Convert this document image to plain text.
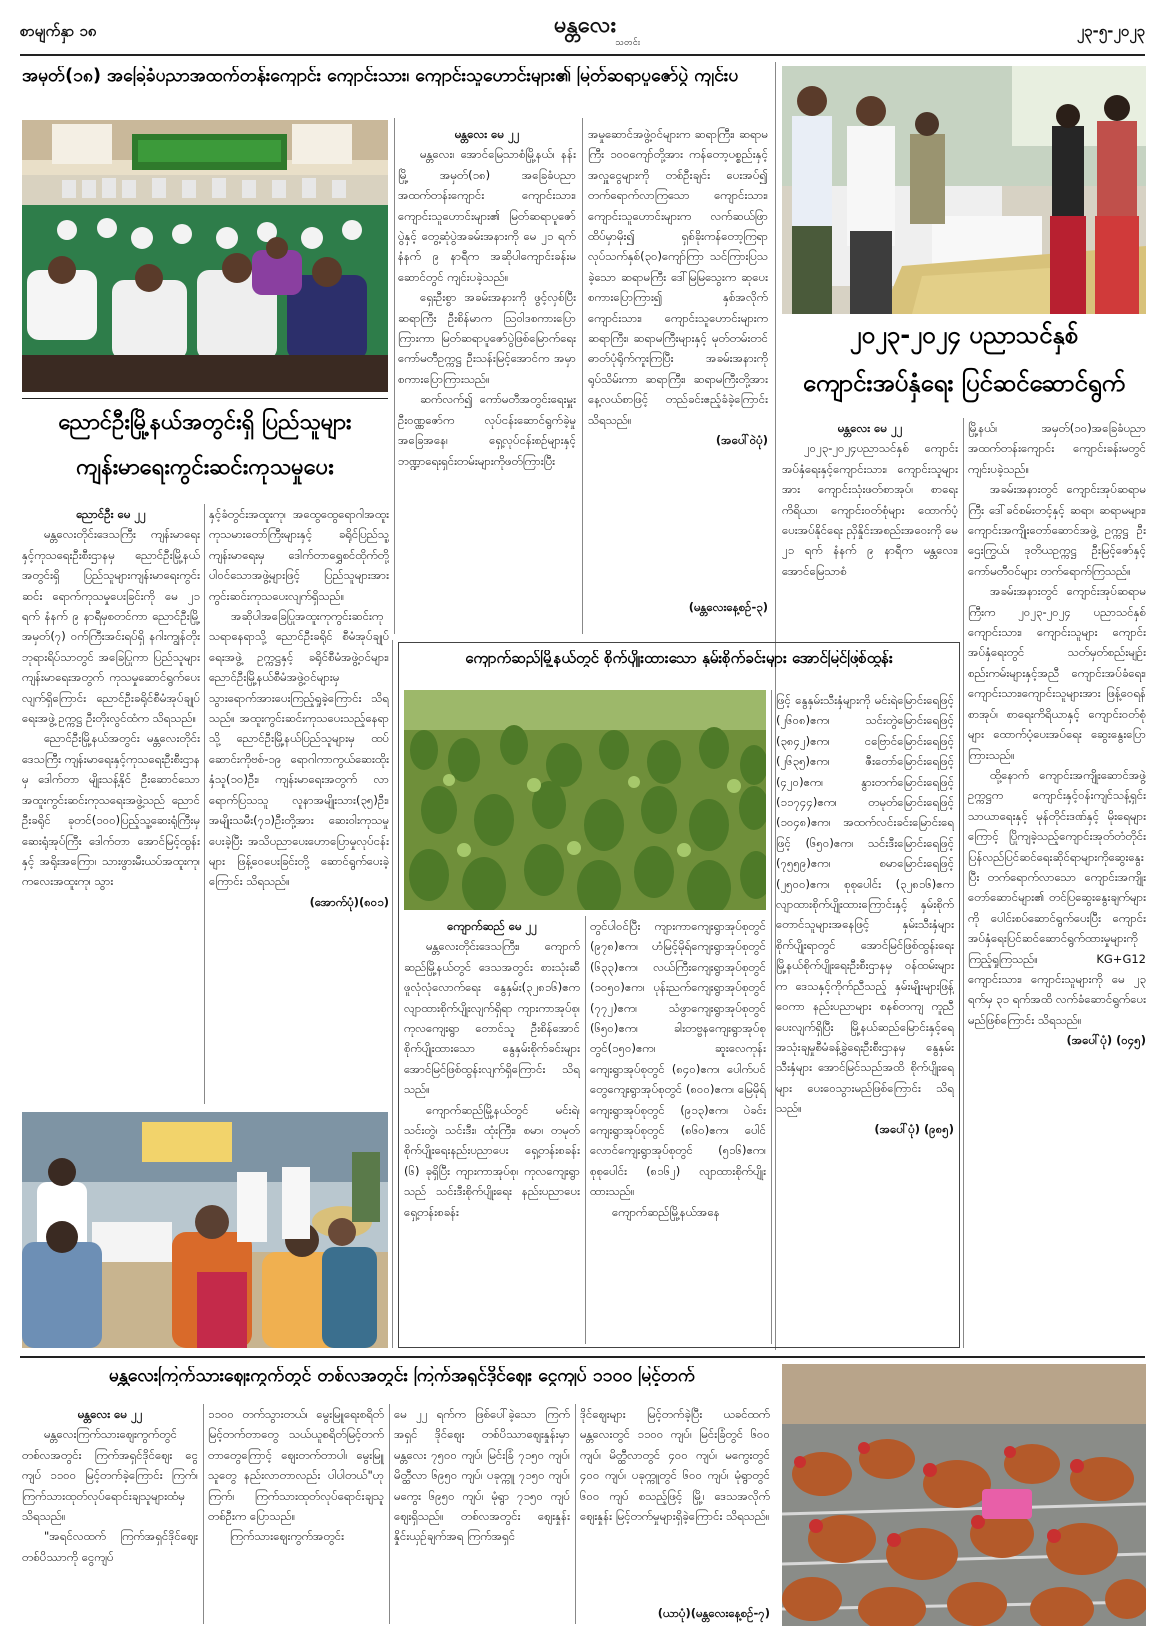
စာမျက်နှာ ၁၈	မန္တလေး
သတင်း
၂၃-၅-၂၀၂၃
အမှတ်(၁၈) အခြေခံပညာအထက်တန်းကျောင်း ကျောင်းသား၊ ကျောင်းသူဟောင်းများ၏ မြတ်ဆရာပူဇော်ပွဲ ကျင်းပ
မန္တလေး မေ ၂၂

မန္တလေး၊ အောင်မြေသာစံမြို့နယ်၊ နန်းမြို့ အမှတ်(၁၈) အခြေခံပညာအထက်တန်းကျောင်း ကျောင်းသား၊ ကျောင်းသူဟောင်းများ၏ မြတ်ဆရာပူဇော်ပွဲနှင့် တွေ့ဆုံပွဲအခမ်းအနားကို မေ ၂၁ ရက် နံနက် ၉ နာရီက အဆိုပါကျောင်းခန်းမဆောင်တွင် ကျင်းပခဲ့သည်။

ရှေးဦးစွာ အခမ်းအနားကို ဖွင့်လှစ်ပြီး ဆရာကြီး ဦးစိန်မာက သြဝါဒစကားပြောကြားကာ မြတ်ဆရာပူဇော်ပွဲဖြစ်မြောက်ရေး ကော်မတီဥက္ကဋ္ဌ ဦးသန်းမြင့်အောင်က အမှာစကားပြောကြားသည်။

ဆက်လက်၍ ကော်မတီအတွင်းရေးမှူး ဦးဝဏ္ဏဇော်က လုပ်ငန်းဆောင်ရွက်ခဲ့မှုအခြေအနေ၊ ရှေ့လုပ်ငန်းစဉ်များနှင့် ဘဏ္ဍာရေးရှင်းတမ်းများကိုဖတ်ကြားပြီး

အမှုဆောင်အဖွဲ့ဝင်များက ဆရာကြီး၊ ဆရာမကြီး ၁၀၀ကျော်တို့အား ကန်တော့ပစ္စည်းနှင့် အလှူငွေများကို တစ်ဦးချင်း ပေးအပ်၍ တက်ရောက်လာကြသော ကျောင်းသား၊ ကျောင်းသူဟောင်းများက လက်ဆယ်ဖြာထိပ်မှာမိုး၍ ရှစ်ခိုးကန်တော့ကြရာ လုပ်သက်နှစ်(၃၀)ကျော်ကြာ သင်ကြားပြသခဲ့သော ဆရာမကြီး ဒေါ်မြမြသွေးက ဆုပေးစကားပြောကြား၍ နှစ်အလိုက် ကျောင်းသား၊ ကျောင်းသူဟောင်းများက ဆရာကြီး၊ ဆရာမကြီးများနှင့် မုတ်တမ်းတင် ဓာတ်ပုံရိုက်ကူးကြပြီး အခမ်းအနားကို ရုပ်သိမ်းကာ ဆရာကြီး၊ ဆရာမကြီးတို့အား နေ့လယ်စာဖြင့် တည်ခင်းဧည့်ခံခဲ့ကြောင်း သိရသည်။

(အပေါ်ဝဲပုံ)
(မန္တလေးနေ့စဉ်-၃)
၂၀၂၃-၂၀၂၄ ပညာသင်နှစ်
ကျောင်းအပ်နှံရေး ပြင်ဆင်ဆောင်ရွက်
မန္တလေး မေ ၂၂

၂၀၂၃-၂၀၂၄ပညာသင်နှစ် ကျောင်းအပ်နှံရေးနှင့်ကျောင်းသား၊ ကျောင်းသူများအား ကျောင်းသုံးဖတ်စာအုပ်၊ စာရေးကိရိယာ၊ ကျောင်းဝတ်စုံများ ထောက်ပံ့ပေးအပ်နိုင်ရေး ညှိနှိုင်းအစည်းအဝေးကို မေ ၂၁ ရက် နံနက် ၉ နာရီက မန္တလေး၊ အောင်မြေသာစံ

မြို့နယ်၊ အမှတ်(၁၀)အခြေခံပညာအထက်တန်းကျောင်း ကျောင်းခန်းမတွင် ကျင်းပခဲ့သည်။

အခမ်းအနားတွင် ကျောင်းအုပ်ဆရာမကြီး ဒေါ်ခင်စမ်းတင့်နှင့် ဆရာ၊ ဆရာမများ၊ ကျောင်းအကျိုးတော်ဆောင်အဖွဲ့ ဥက္ကဋ္ဌ ဦးဌေးကြွယ်၊ ဒုတိယဥက္ကဋ္ဌ ဦးမြင့်ဇော်နှင့် ကော်မတီဝင်များ တက်ရောက်ကြသည်။

အခမ်းအနားတွင် ကျောင်းအုပ်ဆရာမကြီးက ၂၀၂၃-၂၀၂၄ ပညာသင်နှစ် ကျောင်းသား၊ ကျောင်းသူများ ကျောင်းအပ်နှံရေးတွင် သတ်မှတ်စည်းမျဉ်းစည်းကမ်းများနှင့်အညီ ကျောင်းအပ်ခံရေး၊ ကျောင်းသား၊ကျောင်းသူများအား ဖြန့်ဝေရန်စာအုပ်၊ စာရေးကိရိယာနှင့် ကျောင်းဝတ်စုံများ ထောက်ပံ့ပေးအပ်ရေး ဆွေးနွေးပြောကြားသည်။

ထို့နောက် ကျောင်းအကျိုးဆောင်အဖွဲ့ဥက္ကဋ္ဌက ကျောင်းနှင့်ဝန်းကျင်သန့်ရှင်းသာယာရေးနှင့် မုန်တိုင်းဒဏ်နှင့် မိုးရေများကြောင့် ပြိုကျခဲ့သည့်ကျောင်းအုတ်တံတိုင်း ပြန်လည်ပြင်ဆင်ရေးဆိုင်ရာများကိုဆွေးနွေးပြီး တက်ရောက်လာသော ကျောင်းအကျိုးတော်ဆောင်များ၏ တင်ပြဆွေးနွေးချက်များကို ပေါင်းစပ်ဆောင်ရွက်ပေးပြီး ကျောင်းအပ်နှံရေးပြင်ဆင်ဆောင်ရွက်ထားမှုများကို ကြည့်ရှုကြသည်။ KG+G12 ကျောင်းသား၊ ကျောင်းသူများကို မေ ၂၃ ရက်မှ ၃၁ ရက်အထိ လက်ခံဆောင်ရွက်ပေးမည်ဖြစ်ကြောင်း သိရသည်။

(အပေါ်ပုံ) (၀၄၅)
ညောင်ဦးမြို့နယ်အတွင်းရှိ ပြည်သူများ
ကျန်းမာရေးကွင်းဆင်းကုသမှုပေး
ညောင်ဦး မေ ၂၂

မန္တလေးတိုင်းဒေသကြီး ကျန်းမာရေးနှင့်ကုသရေးဦးစီးဌာနမှ ညောင်ဦးမြို့နယ်အတွင်းရှိ ပြည်သူများကျန်းမာရေးကွင်းဆင်း ရောက်ကုသမှုပေးခြင်းကို မေ ၂၁ ရက် နံနက် ၉ နာရီမှစတင်ကာ ညောင်ဦးမြို့ အမှတ်(၇) ဝက်ကြီးအင်းရပ်ရှိ နဂါးကျွန်တိုးဘုရားရိပ်သာတွင် အခြေပြုကာ ပြည်သူများ ကျန်းမာရေးအတွက် ကုသမှုဆောင်ရွက်ပေးလျက်ရှိကြောင်း ညောင်ဦးခရိုင်စီမံအုပ်ချုပ်ရေးအဖွဲ့ ဥက္ကဋ္ဌ ဦးတိုးလွင်ထံက သိရသည်။

ညောင်ဦးမြို့နယ်အတွင်း မန္တလေးတိုင်းဒေသကြီး ကျန်းမာရေးနှင့်ကုသရေးဦးစီးဌာနမှ ဒေါက်တာ မျိုးသန့်နိုင် ဦးဆောင်သော အထူးကွင်းဆင်းကုသရေးအဖွဲ့သည် ညောင်ဦးခရိုင် ခုတင်(၁၀၀)ပြည့်သူ့ဆေးရုံကြီးမှ ဆေးရုံအုပ်ကြီး ဒေါက်တာ အောင်မြင့်ထွန်းနှင့် အရိုးအကြော၊ သားဖွားမီးယပ်အထူးကု၊ ကလေးအထူးကု၊ သွား

နှင့်ခံတွင်းအထူးကု၊ အထွေထွေရောဂါအထူးကုသမားတော်ကြီးများနှင့် ခရိုင်ပြည်သူ့ကျန်းမာရေးမှ ဒေါက်တာရွှေစင်ထိုက်တို့ပါဝင်သောအဖွဲ့များဖြင့် ပြည်သူများအား ကွင်းဆင်းကုသပေးလျက်ရှိသည်။

အဆိုပါအခြေပြုအထူးကုကွင်းဆင်းကုသရာနေရာသို့ ညောင်ဦးခရိုင် စီမံအုပ်ချုပ်ရေးအဖွဲ့ ဥက္ကဋ္ဌနှင့် ခရိုင်စီမံအဖွဲ့ဝင်များ၊ ညောင်ဦးမြို့နယ်စီမံအဖွဲ့ဝင်များမှ သွားရောက်အားပေးကြည့်ရှုခဲ့ကြောင်း သိရသည်။ အထူးကွင်းဆင်းကုသပေးသည့်နေရာသို့ ညောင်ဦးမြို့နယ်ပြည်သူများမှ ထပ်ဆောင်းကိုဗစ်-၁၉ ရောဂါကာကွယ်ဆေးထိုးနှံသူ(၁၀)ဦး၊ ကျန်းမာရေးအတွက် လာရောက်ပြသသူ လူနာအမျိုးသား(၃၅)ဦး၊ အမျိုးသမီး(၇၁)ဦးတို့အား ဆေးဝါးကုသမှုပေးခဲ့ပြီး အသိပညာပေးဟောပြောမှုလုပ်ငန်းများ ဖြန့်ဝေပေးခြင်းတို့ ဆောင်ရွက်ပေးခဲ့ကြောင်း သိရသည်။

(အောက်ပုံ)(၈၀၁)
ကျောက်ဆည်မြို့နယ်တွင် စိုက်ပျိုးထားသော နှမ်းစိုက်ခင်းများ အောင်မြင်ဖြစ်ထွန်း
ကျောက်ဆည် မေ ၂၂

မန္တလေးတိုင်းဒေသကြီး၊ ကျောက်ဆည်မြို့နယ်တွင် ဒေသအတွင်း စားသုံးဆီ ဖူလုံလုံလောက်ရေး နွေနှမ်း(၃၂၈၁၆)ဧက လျာထားစိုက်ပျိုးလျက်ရှိရာ ကျားကာအုပ်စု၊ ကုလကျေးရွာ တောင်သူ ဦးစိန်အောင် စိုက်ပျိုးထားသော နွေနှမ်းစိုက်ခင်းများ အောင်မြင်ဖြစ်ထွန်းလျက်ရှိကြောင်း သိရသည်။

ကျောက်ဆည်မြို့နယ်တွင် မင်းရဲ၊ သင်းတွဲ၊ သင်းဒီး၊ ထုံးကြီး၊ စမာ၊ တမုတ် စိုက်ပျိုးရေးနည်းပညာပေး ရှေ့တန်းစခန်း (၆) ခုရှိပြီး ကျားကာအုပ်စု၊ ကုလကျေးရွာသည် သင်းဒီးစိုက်ပျိုးရေး နည်းပညာပေး ရှေ့တန်းစခန်း

တွင်ပါဝင်ပြီး ကျားကာကျေးရွာအုပ်စုတွင် (၉၇၈)ဧက၊ ဟံမြင့်မိုရ်ကျေးရွာအုပ်စုတွင် (၆၃၃)ဧက၊ လယ်ကြီးကျေးရွာအုပ်စုတွင် (၁၀၅၀)ဧက၊ ပုန်းညက်ကျေးရွာအုပ်စုတွင် (၇၇၂)ဧက၊ သံဖွာကျေးရွာအုပ်စုတွင် (၆၅၀)ဧက၊ ခါးတဗ္ဗနကျေးရွာအုပ်စုတွင်(၁၅၀)ဧက၊ ဆူးလေကုန်းကျေးရွာအုပ်စုတွင် (၈၄၀)ဧက၊ ပေါက်ပင်တွေကျေးရွာအုပ်စုတွင် (၈၀၀)ဧက၊ မြေမိုရ်ကျေးရွာအုပ်စုတွင် (၉၁၃)ဧက၊ ပဲခင်းကျေးရွာအုပ်စုတွင် (၈၆၀)ဧက၊ ပေါင်လောင်ကျေးရွာအုပ်စုတွင် (၅၁၆)ဧက၊ စုစုပေါင်း (၈၁၆၂) လျာထားစိုက်ပျိုးထားသည်။

ကျောက်ဆည်မြို့နယ်အနေ

ဖြင့် နွေနှမ်းသီးနှံများကို မင်းရဲမြောင်းရေဖြင့် (၂၆၀၈)ဧက၊ သင်းတွဲမြောင်းရေဖြင့် (၃၈၄၂)ဧက၊ ငဗြောင်မြောင်းရေဖြင့် (၂၆၃၅)ဧက၊ ဇီးတော်မြောင်းရေဖြင့် (၄၂၀)ဧက၊ နွားတက်မြောင်းရေဖြင့် (၁၁၇၄၄)ဧက၊ တမုတ်မြောင်းရေဖြင့် (၁၀၄၈)ဧက၊ အထက်လင်းခင်းမြောင်းရေဖြင့် (၆၅၀)ဧက၊ သင်းဒီးမြောင်းရေဖြင့် (၇၅၅၉)ဧက၊ စမာမြောင်းရေဖြင့် (၂၅၀၀)ဧက၊ စုစုပေါင်း (၃၂၈၁၆)ဧက လျာထားစိုက်ပျိုးထားကြောင်းနှင့် နှမ်းစိုက်တောင်သူများအနေဖြင့် နှမ်းသီးနှံများစိုက်ပျိုးရာတွင် အောင်မြင်ဖြစ်ထွန်းရေး မြို့နယ်စိုက်ပျိုးရေးဦးစီးဌာနမှ ဝန်ထမ်းများက ဒေသနှင့်ကိုက်ညီသည့် နှမ်းမျိုးများဖြန့်ဝေကာ နည်းပညာများ စနစ်တကျ ကူညီပေးလျက်ရှိပြီး မြို့နယ်ဆည်မြောင်းနှင့်ရေအသုံးချမှုစီမံခန့်ခွဲရေးဦးစီးဌာနမှ နွေနှမ်းသီးနှံများ အောင်မြင်သည်အထိ စိုက်ပျိုးရေများ ပေးဝေသွားမည်ဖြစ်ကြောင်း သိရသည်။

(အပေါ်ပုံ) (၉၈၅)
မန္တလေးကြက်သားဈေးကွက်တွင် တစ်လအတွင်း ကြက်အရှင်ဒိုင်ဈေး ငွေကျပ် ၁၁၀၀ မြင့်တက်
မန္တလေး မေ ၂၂

မန္တလေးကြက်သားဈေးကွက်တွင် တစ်လအတွင်း ကြက်အရှင်ဒိုင်ဈေး ငွေကျပ် ၁၁၀၀ မြင့်တက်ခဲ့ကြောင်း ကြက်၊ ကြက်သားထုတ်လုပ်ရောင်းချသူများထံမှ သိရသည်။

"အရင်လထက် ကြက်အရှင်ဒိုင်ဈေး တစ်ပိဿာကို ငွေကျပ်

၁၁၀၀ တက်သွားတယ်၊ မွေးမြူရေးစရိတ် မြင့်တက်တာတွေ သယ်ယူစရိတ်မြင့်တက်တာတွေကြောင့် ဈေးတက်တာပါ၊ မွေးမြူသူတွေ နည်းလာတာလည်း ပါပါတယ်"ဟု ကြက်၊ ကြက်သားထုတ်လုပ်ရောင်းချသူတစ်ဦးက ပြောသည်။

ကြက်သားဈေးကွက်အတွင်း

မေ ၂၂ ရက်က ဖြစ်ပေါ်ခဲ့သော ကြက်အရှင် ဒိုင်ဈေး တစ်ပိဿာဈေးနှုန်းမှာ မန္တလေး ၇၅၀၀ ကျပ်၊ မြင်းခြံ ၇၁၅၀ ကျပ်၊ မိတ္ထီလာ ၆၉၅၀ ကျပ်၊ ပခုက္ကူ ၇၁၅၀ ကျပ်၊ မကွေး ၆၉၅၀ ကျပ်၊ မုံရွာ ၇၁၅၀ ကျပ် ဈေးရှိသည်။ တစ်လအတွင်း ဈေးနှုန်း နှိုင်းယှဉ်ချက်အရ ကြက်အရှင်

ဒိုင်ဈေးများ မြင့်တက်ခဲ့ပြီး ယခင်ထက် မန္တလေးတွင် ၁၁၀၀ ကျပ်၊ မြင်းခြံတွင် ၆၀၀ ကျပ်၊ မိတ္ထီလာတွင် ၄၀၀ ကျပ်၊ မကွေးတွင် ၄၀၀ ကျပ်၊ ပခုက္ကူတွင် ၆၀၀ ကျပ်၊ မုံရွာတွင် ၆၀၀ ကျပ် စသည့်ဖြင့် မြို့၊ ဒေသအလိုက် ဈေးနှုန်း မြင့်တက်မှုများရှိခဲ့ကြောင်း သိရသည်။

(ယာပုံ)(မန္တလေးနေ့စဉ်-၇)
